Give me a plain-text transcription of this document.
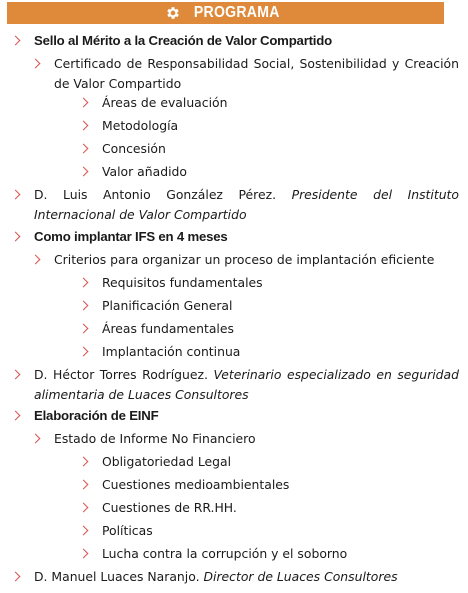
PROGRAMA
Sello al Mérito a la Creación de Valor Compartido
Certificado de Responsabilidad Social, Sostenibilidad y Creación de Valor Compartido
Áreas de evaluación
Metodología
Concesión
Valor añadido
D. Luis Antonio González Pérez. Presidente del Instituto Internacional de Valor Compartido
Como implantar IFS en 4 meses
Criterios para organizar un proceso de implantación eficiente
Requisitos fundamentales
Planificación General
Áreas fundamentales
Implantación continua
D. Héctor Torres Rodríguez. Veterinario especializado en seguridad alimentaria de Luaces Consultores
Elaboración de EINF
Estado de Informe No Financiero
Obligatoriedad Legal
Cuestiones medioambientales
Cuestiones de RR.HH.
Políticas
Lucha contra la corrupción y el soborno
D. Manuel Luaces Naranjo. Director de Luaces Consultores
